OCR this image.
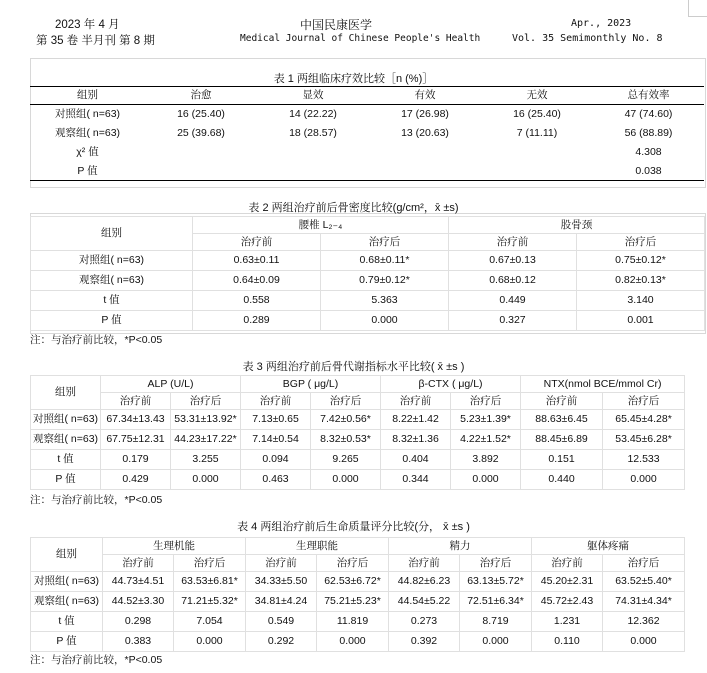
2023 年 4 月
第 35 卷 半月刊 第 8 期
中国民康医学
Medical Journal of Chinese People's Health
Apr., 2023
Vol. 35 Semimonthly No. 8
表 1 两组临床疗效比较［n (%)］
组别	治愈	显效	有效	无效	总有效率
对照组( n=63)	16 (25.40)	14 (22.22)	17 (26.98)	16 (25.40)	47 (74.60)
观察组( n=63)	25 (39.68)	18 (28.57)	13 (20.63)	7 (11.11)	56 (88.89)
χ² 值					4.308
P 值					0.038
表 2 两组治疗前后骨密度比较(g/cm²，x̄ ±s)
组别	腰椎 L₂₋₄		股骨颈	
	治疗前	治疗后	治疗前	治疗后
对照组( n=63)	0.63±0.11	0.68±0.11*	0.67±0.13	0.75±0.12*
观察组( n=63)	0.64±0.09	0.79±0.12*	0.68±0.12	0.82±0.13*
t 值	0.558	5.363	0.449	3.140
P 值	0.289	0.000	0.327	0.001
注：与治疗前比较，*P<0.05
表 3 两组治疗前后骨代谢指标水平比较( x̄ ±s )
组别	ALP (U/L)		BGP ( μg/L)		β-CTX ( μg/L)		NTX(nmol BCE/mmol Cr)	
	治疗前	治疗后	治疗前	治疗后	治疗前	治疗后	治疗前	治疗后
对照组( n=63)	67.34±13.43	53.31±13.92*	7.13±0.65	7.42±0.56*	8.22±1.42	5.23±1.39*	88.63±6.45	65.45±4.28*
观察组( n=63)	67.75±12.31	44.23±17.22*	7.14±0.54	8.32±0.53*	8.32±1.36	4.22±1.52*	88.45±6.89	53.45±6.28*
t 值	0.179	3.255	0.094	9.265	0.404	3.892	0.151	12.533
P 值	0.429	0.000	0.463	0.000	0.344	0.000	0.440	0.000
注：与治疗前比较，*P<0.05
表 4 两组治疗前后生命质量评分比较(分， x̄ ±s )
组别	生理机能		生理职能		精力		躯体疼痛	
	治疗前	治疗后	治疗前	治疗后	治疗前	治疗后	治疗前	治疗后
对照组( n=63)	44.73±4.51	63.53±6.81*	34.33±5.50	62.53±6.72*	44.82±6.23	63.13±5.72*	45.20±2.31	63.52±5.40*
观察组( n=63)	44.52±3.30	71.21±5.32*	34.81±4.24	75.21±5.23*	44.54±5.22	72.51±6.34*	45.72±2.43	74.31±4.34*
t 值	0.298	7.054	0.549	11.819	0.273	8.719	1.231	12.362
P 值	0.383	0.000	0.292	0.000	0.392	0.000	0.110	0.000
注：与治疗前比较，*P<0.05
